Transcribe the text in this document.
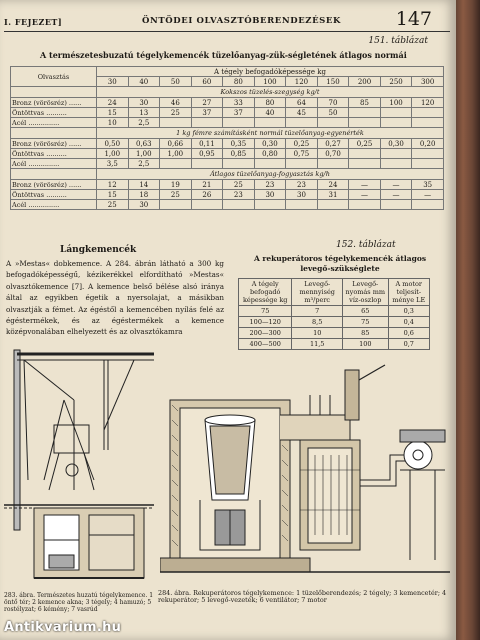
I. FEJEZET]	ÖNTÖDEI OLVASZTÓBERENDEZÉSEK	147
151. táblázat
A természetesbuzatú tégelykemencék tüzelőanyag-zük-ségletének átlagos normái
Olvasztás	A tégely befogadóképessége kg										
	30	40	50	60	80	100	120	150	200	250	300
	Kokszos tüzelés-szegység kg/t										
Bronz (vörösréz) ......	24	30	46	27	33	80	64	70	85	100	120
Öntöttvas ..........	15	13	25	37	37	40	45	50			
Acél ...............	10	2,5									
	1 kg fémre számításként normál tüzelőanyag-egyenérték										
Bronz (vörösréz) ......	0,50	0,63	0,66	0,11	0,35	0,30	0,25	0,27	0,25	0,30	0,20
Öntöttvas ..........	1,00	1,00	1,00	0,95	0,85	0,80	0,75	0,70			
Acél ...............	3,5	2,5									
	Átlagos tüzelőanyag-fogyasztás kg/h										
Bronz (vörösréz) ......	12	14	19	21	25	23	23	24	—	—	35
Öntöttvas ..........	15	18	25	26	23	30	30	31	—	—	—
Acél ...............	25	30									
Lángkemencék
A »Mestas« dobkemence. A 284. ábrán látható a 300 kg befogadóképességű, kézikerékkel elfordítható »Mestas« olvasztókemence [7]. A kemence belső bélése alsó iránya által az egyikben égetik a nyersolajat, a másikban olvasztják a fémet. Az égéstől a kemencében nyílás felé az égéstermékek, és az égéstermékek a kemence középvonalában elhelyezett és az olvasztókamra
152. táblázat
A rekuperátoros tégelykemencék átlagos levegő-szükséglete
A tégely befogadó képessége kg	Levegő-mennyiség m³/perc	Levegő-nyomás mm víz-oszlop	A motor teljesít-ménye LE
75	7	65	0,3
100—120	8,5	75	0,4
200—300	10	85	0,6
400—500	11,5	100	0,7
283. ábra. Természetes huzatú tégelykemence. 1 öntő tér; 2 kemence akna; 3 tégely; 4 hamuzó; 5 rostélyzat; 6 kémény; 7 vasrúd
284. ábra. Rekuperátoros tégelykemence: 1 tüzelőberendezés; 2 tégely; 3 kemencetér; 4 rekuperátor; 5 levegő-vezeték; 6 ventilátor; 7 motor
Antikvarium.hu
